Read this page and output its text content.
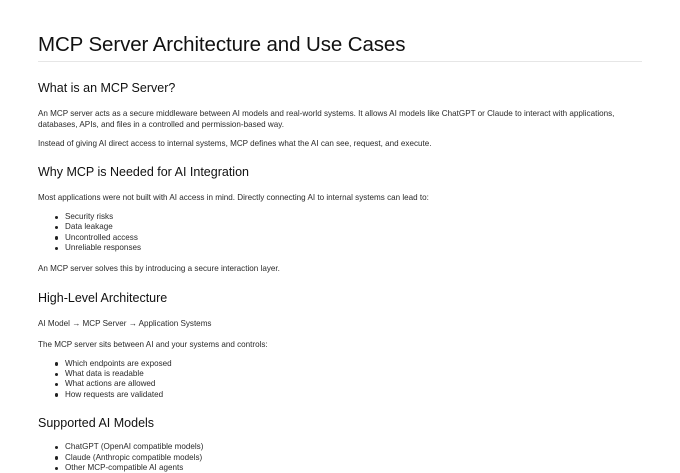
MCP Server Architecture and Use Cases
What is an MCP Server?

An MCP server acts as a secure middleware between AI models and real-world systems. It allows AI models like ChatGPT or Claude to interact with applications, databases, APIs, and files in a controlled and permission-based way.

Instead of giving AI direct access to internal systems, MCP defines what the AI can see, request, and execute.

Why MCP is Needed for AI Integration

Most applications were not built with AI access in mind. Directly connecting AI to internal systems can lead to:

Security risks
Data leakage
Uncontrolled access
Unreliable responses

An MCP server solves this by introducing a secure interaction layer.

High-Level Architecture

AI Model → MCP Server → Application Systems

The MCP server sits between AI and your systems and controls:

Which endpoints are exposed
What data is readable
What actions are allowed
How requests are validated
Supported AI Models
ChatGPT (OpenAI compatible models)
Claude (Anthropic compatible models)
Other MCP-compatible AI agents
